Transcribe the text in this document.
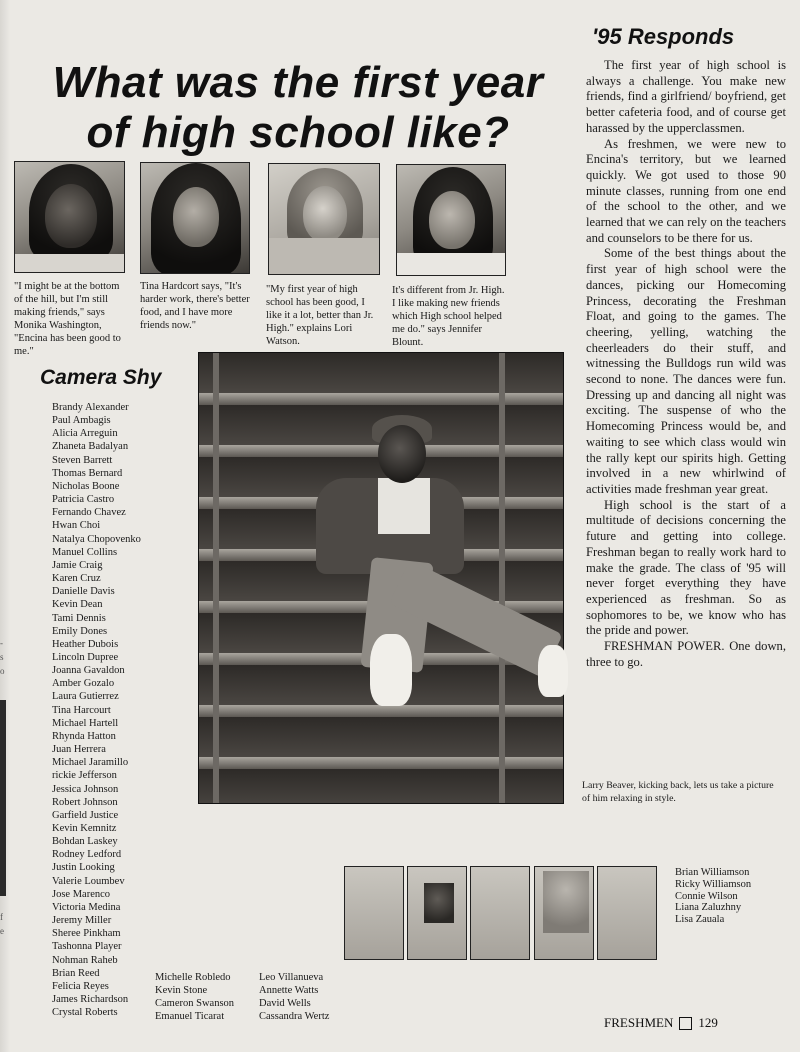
-
s
o
f
e
What was the first year
of high school like?
"I might be at the bottom of the hill, but I'm still making friends," says Monika Washington, "Encina has been good to me."
Tina Hardcort says, "It's harder work, there's better food, and I have more friends now."
"My first year of high school has been good, I like it a lot, better than Jr. High." explains Lori Watson.
It's different from Jr. High. I like making new friends which High school helped me do." says Jennifer Blount.
Camera Shy
Brandy Alexander
Paul Ambagis
Alicia Arreguin
Zhaneta Badalyan
Steven Barrett
Thomas Bernard
Nicholas Boone
Patricia Castro
Fernando Chavez
Hwan Choi
Natalya Chopovenko
Manuel Collins
Jamie Craig
Karen Cruz
Danielle Davis
Kevin Dean
Tami Dennis
Emily Dones
Heather Dubois
Lincoln Dupree
Joanna Gavaldon
Amber Gozalo
Laura Gutierrez
Tina Harcourt
Michael Hartell
Rhynda Hatton
Juan Herrera
Michael Jaramillo
rickie Jefferson
Jessica Johnson
Robert Johnson
Garfield Justice
Kevin Kemnitz
Bohdan Laskey
Rodney Ledford
Justin Looking
Valerie Loumbev
Jose Marenco
Victoria Medina
Jeremy Miller
Sheree Pinkham
Tashonna Player
Nohman Raheb
Brian Reed
Felicia Reyes
James Richardson
Crystal Roberts
Michelle Robledo
Kevin Stone
Cameron Swanson
Emanuel Ticarat
Leo Villanueva
Annette Watts
David Wells
Cassandra Wertz
'95 Responds

The first year of high school is always a challenge. You make new friends, find a girlfriend/ boyfriend, get better cafeteria food, and of course get harassed by the upperclassmen.

As freshmen, we were new to Encina's territory, but we learned quickly. We got used to those 90 minute classes, running from one end of the school to the other, and we learned that we can rely on the teachers and counselors to be there for us.

Some of the best things about the first year of high school were the dances, picking our Homecoming Princess, decorating the Freshman Float, and going to the games. The cheering, yelling, watching the cheerleaders do their stuff, and witnessing the Bulldogs run wild was second to none. The dances were fun. Dressing up and dancing all night was exciting. The suspense of who the Homecoming Princess would be, and waiting to see which class would win the rally kept our spirits high. Getting involved in a new whirlwind of activities made freshman year great.

High school is the start of a multitude of decisions concerning the future and getting into college. Freshman began to really work hard to make the grade. The class of '95 will never forget everything they have experienced as freshman. So as sophomores to be, we know who has the pride and power.

FRESHMAN POWER. One down, three to go.

Larry Beaver, kicking back, lets us take a picture of him relaxing in style.
Brian Williamson
Ricky Williamson
Connie Wilson
Liana Zaluzhny
Lisa Zauala
FRESHMEN 129
